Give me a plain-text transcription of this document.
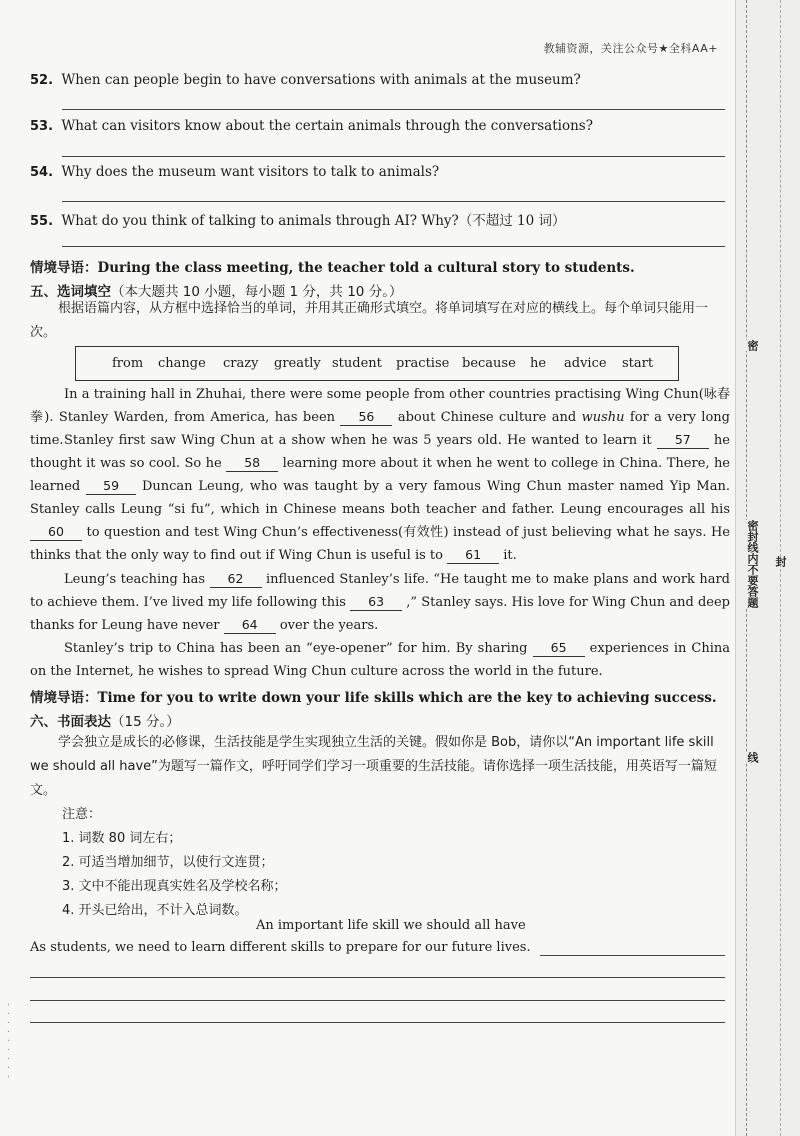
教辅资源，关注公众号★全科AA+
·
·
·
·
·
·
·
·
·
密
密封线内不要答题	封
线
52. When can people begin to have conversations with animals at the museum?
53. What can visitors know about the certain animals through the conversations?
54. Why does the museum want visitors to talk to animals?
55. What do you think of talking to animals through AI? Why?（不超过 10 词）
情境导语：During the class meeting, the teacher told a cultural story to students.
五、选词填空（本大题共 10 小题，每小题 1 分，共 10 分。）
根据语篇内容，从方框中选择恰当的单词，并用其正确形式填空。将单词填写在对应的横线上。每个单词只能用一次。
from change crazy greatly student practise because he advice start
In a training hall in Zhuhai, there were some people from other countries practising Wing Chun(咏春拳). Stanley Warden, from America, has been 56 about Chinese culture and wushu for a very long time. Stanley first saw Wing Chun at a show when he was 5 years old. He wanted to learn it 57 he thought it was so cool. So he 58 learning more about it when he went to college in China. There, he learned 59 Duncan Leung, who was taught by a very famous Wing Chun master named Yip Man. Stanley calls Leung “si fu”, which in Chinese means both teacher and father. Leung encourages all his 60 to question and test Wing Chun’s effectiveness(有效性) instead of just believing what he says. He thinks that the only way to find out if Wing Chun is useful is to 61 it.
Leung’s teaching has 62 influenced Stanley’s life. “He taught me to make plans and work hard to achieve them. I’ve lived my life following this 63 ,” Stanley says. His love for Wing Chun and deep thanks for Leung have never 64 over the years.
Stanley’s trip to China has been an “eye-opener” for him. By sharing 65 experiences in China on the Internet, he wishes to spread Wing Chun culture across the world in the future.
情境导语：Time for you to write down your life skills which are the key to achieving success.
六、书面表达（15 分。）
学会独立是成长的必修课，生活技能是学生实现独立生活的关键。假如你是 Bob，请你以“An important life skill we should all have”为题写一篇作文，呼吁同学们学习一项重要的生活技能。请你选择一项生活技能，用英语写一篇短文。
注意：
1. 词数 80 词左右；
2. 可适当增加细节，以使行文连贯；
3. 文中不能出现真实姓名及学校名称；
4. 开头已给出，不计入总词数。
An important life skill we should all have
As students, we need to learn different skills to prepare for our future lives.
